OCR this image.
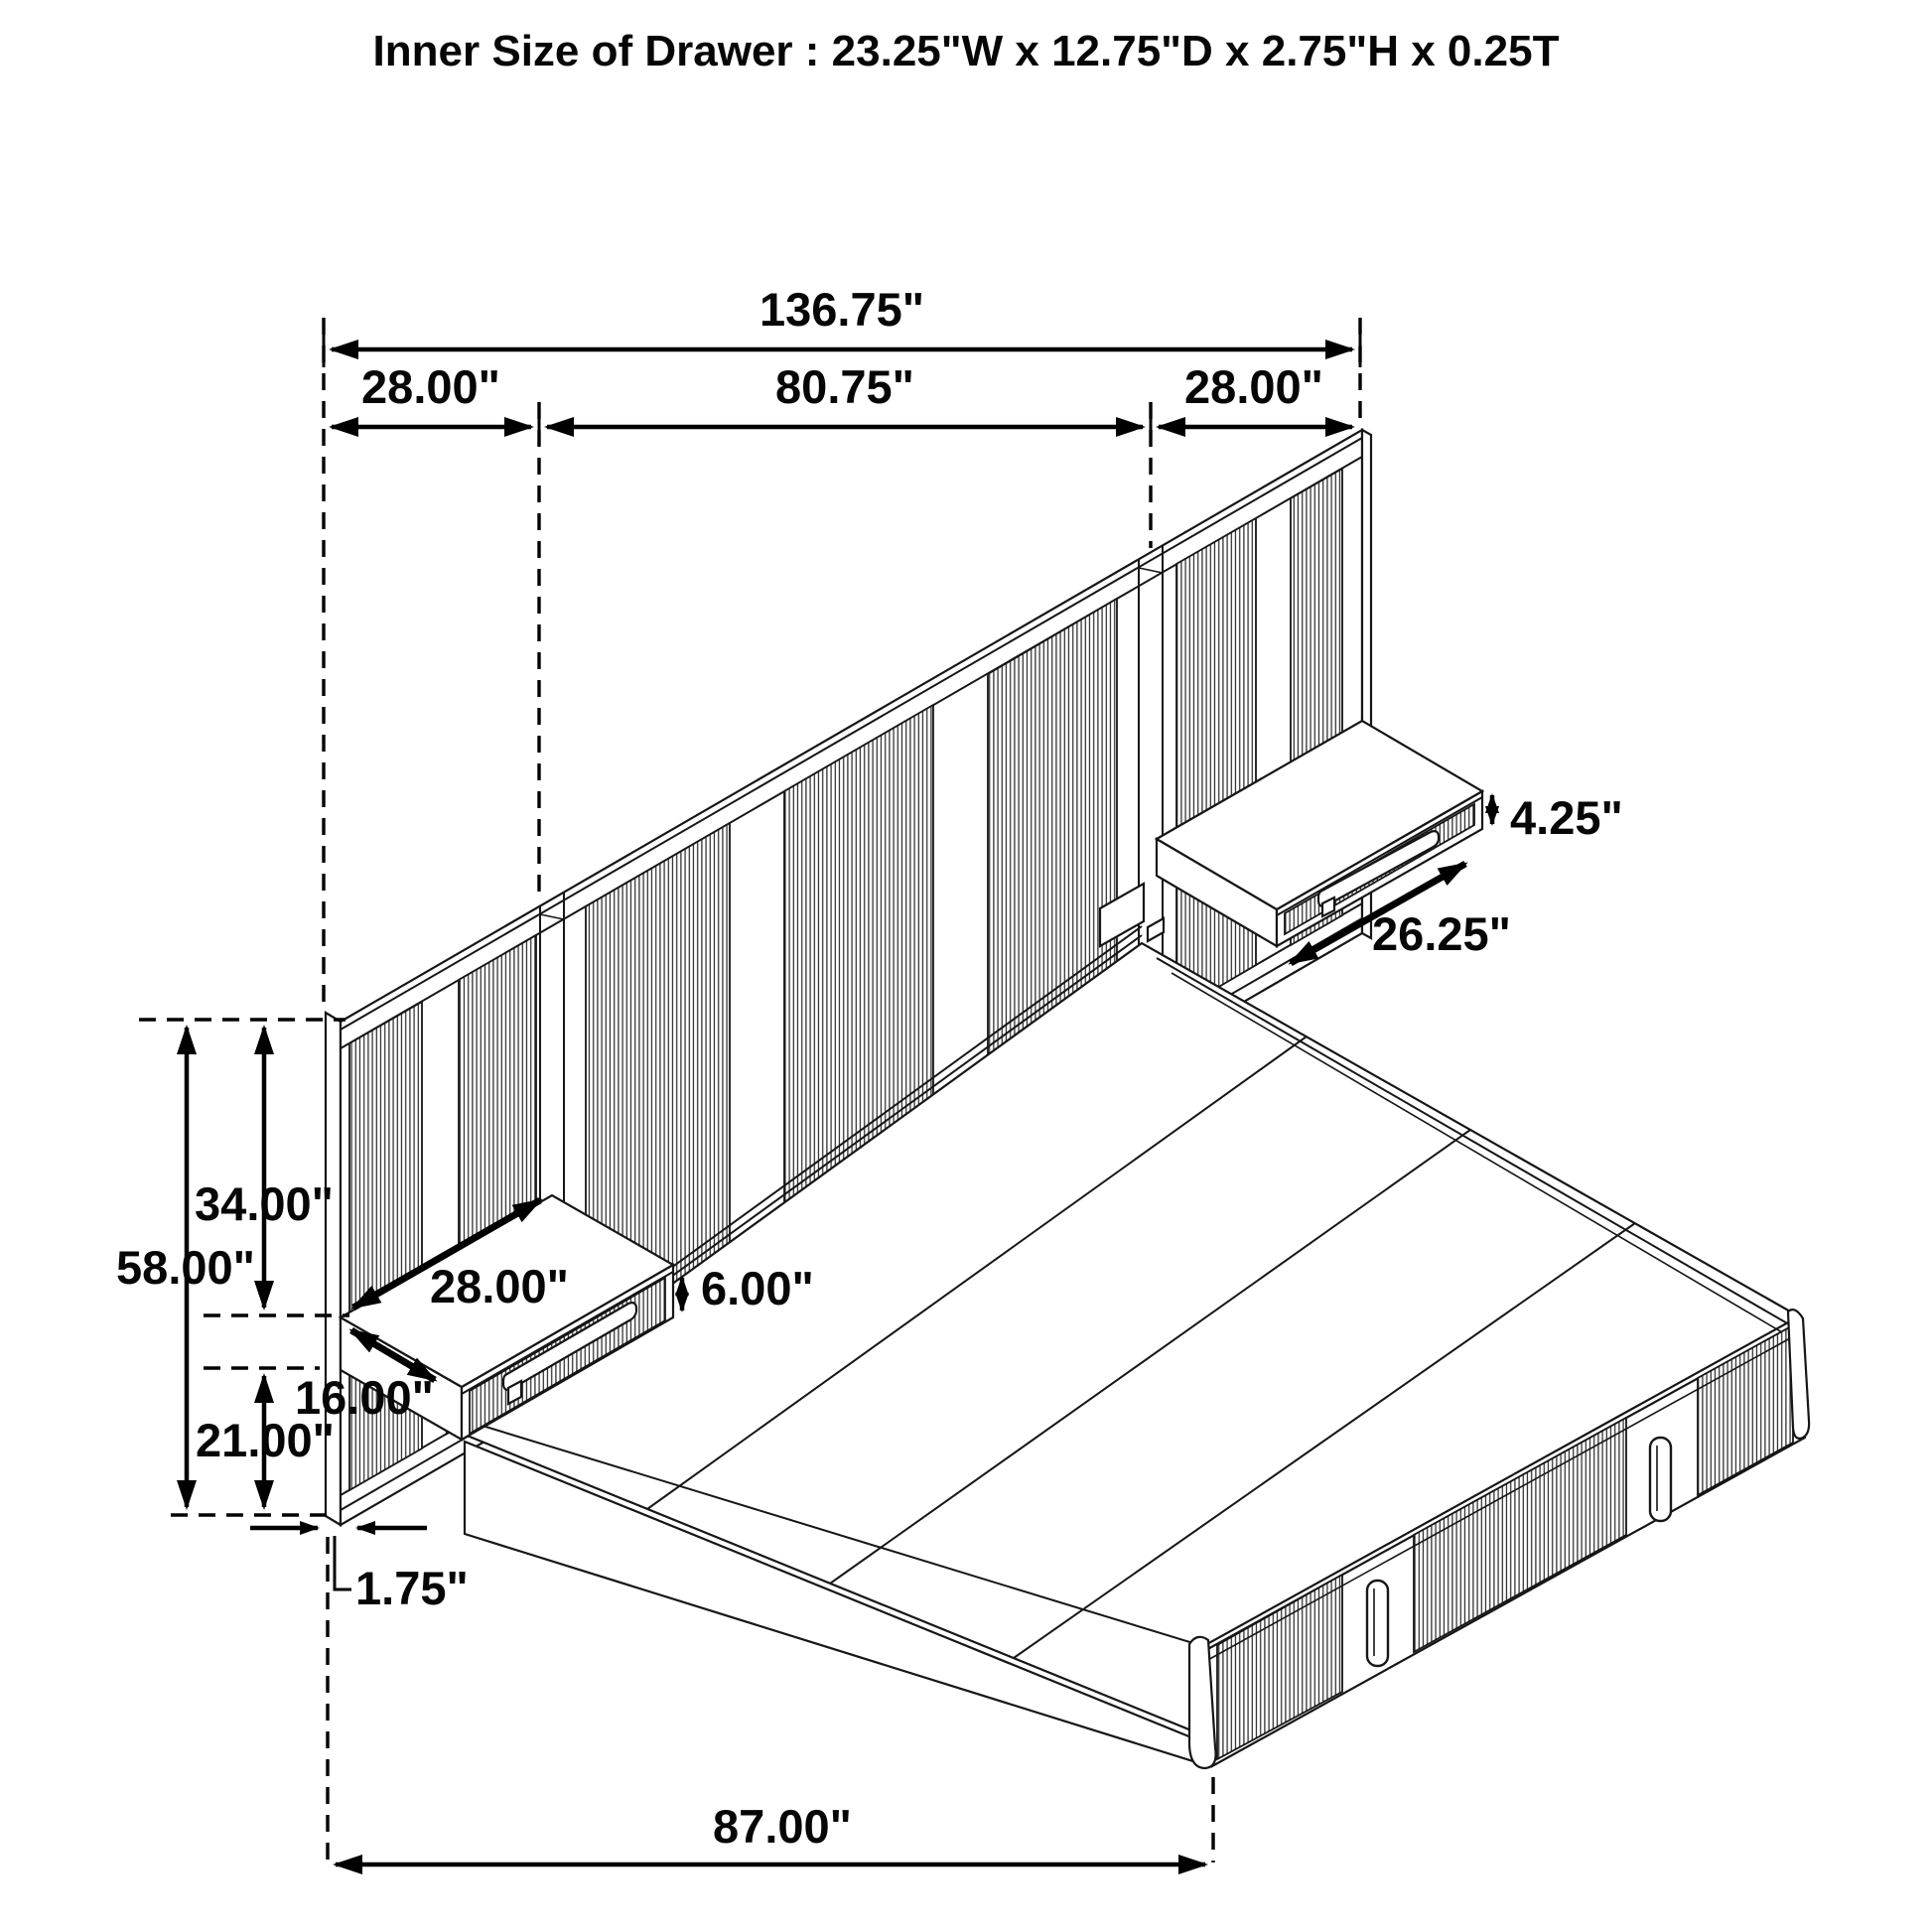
136.75"
28.00"	80.75"	28.00"
34.00"
58.00"
21.00"
28.00"
16.00"
6.00"
4.25"
26.25"
1.75"
87.00"
Inner Size of Drawer : 23.25"W x 12.75"D x 2.75"H x 0.25T
